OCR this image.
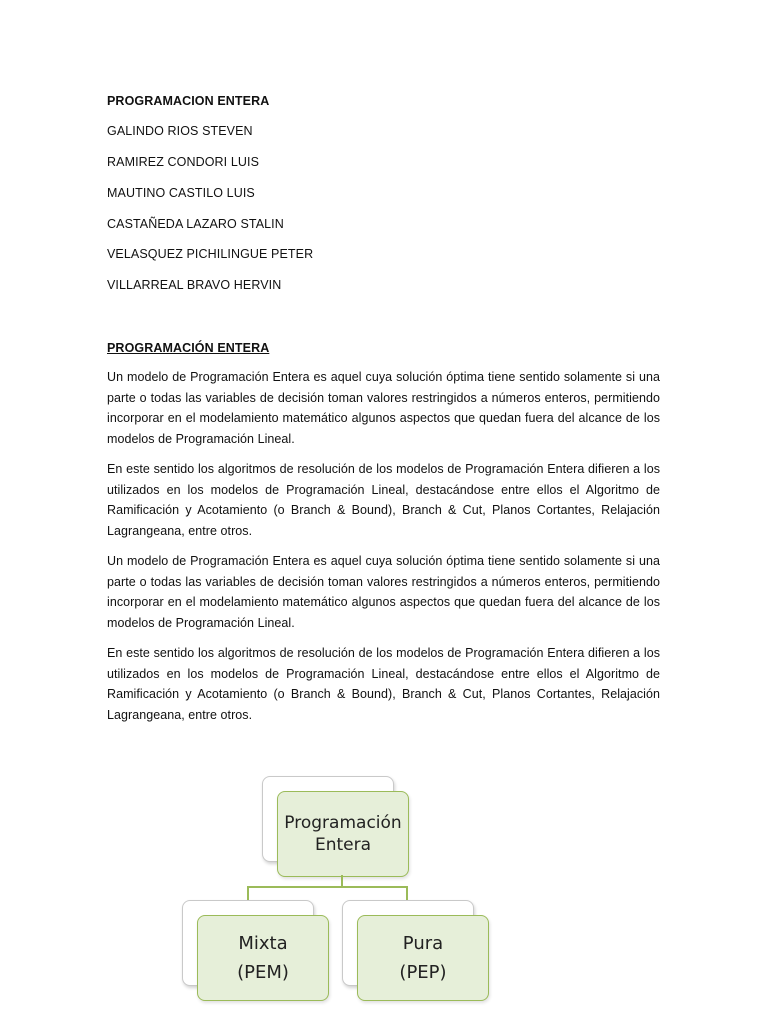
PROGRAMACION ENTERA
GALINDO RIOS STEVEN
RAMIREZ CONDORI LUIS
MAUTINO CASTILO LUIS
CASTAÑEDA LAZARO STALIN
VELASQUEZ PICHILINGUE PETER
VILLARREAL BRAVO HERVIN
PROGRAMACIÓN ENTERA

Un modelo de Programación Entera es aquel cuya solución óptima tiene sentido solamente si una parte o todas las variables de decisión toman valores restringidos a números enteros, permitiendo incorporar en el modelamiento matemático algunos aspectos que quedan fuera del alcance de los modelos de Programación Lineal.

En este sentido los algoritmos de resolución de los modelos de Programación Entera difieren a los utilizados en los modelos de Programación Lineal, destacándose entre ellos el Algoritmo de Ramificación y Acotamiento (o Branch & Bound), Branch & Cut, Planos Cortantes, Relajación Lagrangeana, entre otros.

Un modelo de Programación Entera es aquel cuya solución óptima tiene sentido solamente si una parte o todas las variables de decisión toman valores restringidos a números enteros, permitiendo incorporar en el modelamiento matemático algunos aspectos que quedan fuera del alcance de los modelos de Programación Lineal.

En este sentido los algoritmos de resolución de los modelos de Programación Entera difieren a los utilizados en los modelos de Programación Lineal, destacándose entre ellos el Algoritmo de Ramificación y Acotamiento (o Branch & Bound), Branch & Cut, Planos Cortantes, Relajación Lagrangeana, entre otros.

Programación
Entera
Mixta
(PEM)
Pura
(PEP)
